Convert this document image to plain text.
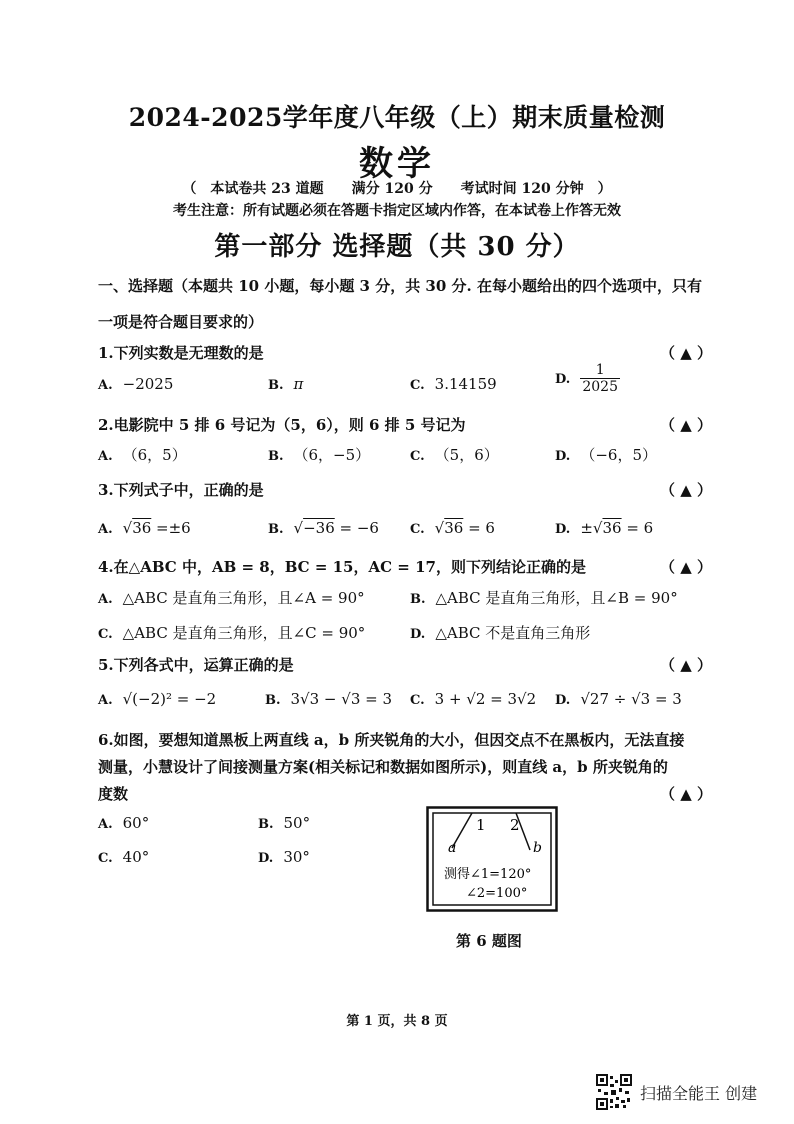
2024-2025学年度八年级（上）期末质量检测
数学
（ 本试卷共 23 道题 满分 120 分 考试时间 120 分钟 ）
考生注意：所有试题必须在答题卡指定区域内作答，在本试卷上作答无效
第一部分 选择题（共 30 分）
一、选择题（本题共 10 小题，每小题 3 分，共 30 分. 在每小题给出的四个选项中，只有
一项是符合题目要求的）
1.下列实数是无理数的是	（ ▲ ）
A. −2025	B. π	C. 3.14159	D. $\frac{1}{2025}$
2.电影院中 5 排 6 号记为（5，6），则 6 排 5 号记为	（ ▲ ）
A. （6，5）	B. （6，−5）	C. （5，6）	D. （−6，5）
3.下列式子中，正确的是	（ ▲ ）
A. √36 =±6	B. √−36 = −6 C. √36 = 6	D. ±√36 = 6
4.在△ABC 中，AB = 8，BC = 15，AC = 17，则下列结论正确的是	（ ▲ ）
A. △ABC 是直角三角形，且∠A = 90°	B. △ABC 是直角三角形，且∠B = 90°
C. △ABC 是直角三角形，且∠C = 90°	D. △ABC 不是直角三角形
5.下列各式中，运算正确的是	（ ▲ ）
A. √(−2)² = −2	B. 3√3 − √3 = 3 C. 3 + √2 = 3√2 D. √27 ÷ √3 = 3
6.如图，要想知道黑板上两直线 a，b 所夹锐角的大小，但因交点不在黑板内，无法直接
测量，小慧设计了间接测量方案(相关标记和数据如图所示)，则直线 a，b 所夹锐角的
度数	（ ▲ ）
A. 60°	B. 50°
C. 40°	D. 30°
1 2
a	b
测得∠1=120°
∠2=100°
第 6 题图
第 1 页，共 8 页
扫描全能王 创建
